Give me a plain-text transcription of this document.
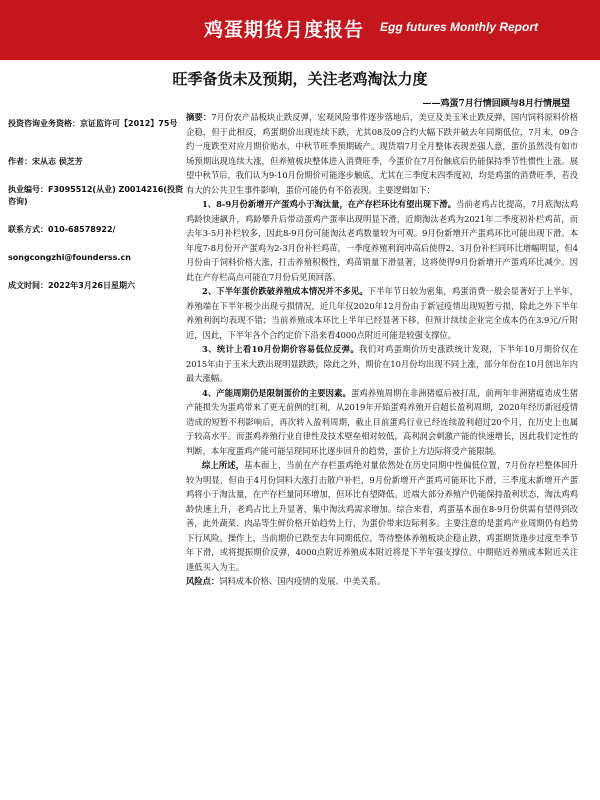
鸡蛋期货月度报告 Egg futures Monthly Report
旺季备货未及预期，关注老鸡淘汰力度
——鸡蛋7月行情回顾与8月行情展望
投资咨询业务资格：京证监许可【2012】75号
作者：宋从志 侯芝芳
执业编号：F3095512(从业) Z0014216(投资咨询)
联系方式：010-68578922/
songcongzhi@founderss.cn
成文时间：2022年3月26日星期六

摘要：7月份农产品板块止跌反弹，宏观风险事件逐步落地后，美豆及美玉米止跌反弹，国内饲料原料价格企稳，但于此相反，鸡蛋期价出现连续下跌，尤其08及09合约大幅下跌并破去年同期低位，7月末，09合约一度跌至对应月期价贴水，中秋节旺季预期破产。现货端7月全月整体表现差强人意，蛋价虽然没有如市场预期出现连续大涨，但养殖板块整体进入消费旺季，今蛋价在7月份触底后仍能保持季节性惯性上涨。展望中秋节后，我们认为9-10月份期价可能逐步触底，尤其在三季度末四季度初，均是鸡蛋的消费旺季，若没有大的公共卫生事件影响，蛋价可能仍有不俗表现。主要逻辑如下：

1、8-9月份新增开产蛋鸡小于淘汰量，在产存栏环比有望出现下滑。当前老鸡占比提高，7月底淘汰鸡鸡龄快速飙升，鸡龄攀升后带动蛋鸡产蛋率出现明显下滑，近期淘汰老鸡为2021年二季度初补栏鸡苗，而去年3-5月补栏较多，因此8-9月份可能淘汰老鸡数量较为可观。9月份新增开产蛋鸡环比可能出现下滑。本年度7-8月份开产蛋鸡为2-3月份补栏鸡苗，一季度养殖利润冲高后使得2、3月份补栏同环比增幅明显，但4月份由于饲料价格大涨，打击养殖积极性，鸡苗销量下滑显著，这将使得9月份新增开产蛋鸡环比减少。因此在产存栏高点可能在7月份后见顶回落。

2、下半年蛋价跌破养殖成本情况并不多见。下半年节日较为密集，鸡蛋消费一般会显著好于上半年，养殖端在下半年极少出现亏损情况，近几年仅2020年12月份由于新冠疫情出现短暂亏损，除此之外下半年养殖利润均表现不错；当前养殖成本环比上半年已经显著下移，但预计续续企业完全成本仍在3.9元/斤附近，因此，下半年各个合约定价下沿来看4000点附近可能是较强支撑位。

3、统计上看10月份期价容易低位反弹。我们对鸡蛋期价历史涨跌统计发现，下半年10月期价仅在2015年由于玉米大跌出现明显跌跌，除此之外，期价在10月份均出现不同上涨，部分年份在10月创出年内最大涨幅。

4、产能周期仍是限制蛋价的主要因素。蛋鸡养殖周期在非洲猪瘟后被打乱，前两年非洲猪瘟造成生猪产能损失为蛋鸡带来了更无前例的红利，从2019年开始蛋鸡养殖开启超长盈利周期，2020年经历新冠疫情造成的短暂不利影响后，再次转入盈利周期，截止目前蛋鸡行业已经连续盈利超过20个月，在历史上也属于较高水平。而蛋鸡养殖行业自律性及技术壁垒相对较低，高利润会刺激产能的快速增长，因此我们定性的判断，本年度蛋鸡产能可能呈现同环比逐步回升的趋势，蛋价上方边际将受产能限制。

综上所述，基本面上，当前在产存栏蛋鸡绝对量依然处在历史同期中性偏低位置，7月份存栏整体回升较为明显，但由于4月份饲料大涨打击散户补栏，9月份新增开产蛋鸡可能环比下滑，三季度末新增开产蛋鸡将小于淘汰量，在产存栏量同环增加，但环比有望降低。近端大部分养殖户仍能保持盈利状态，淘汰鸡鸡龄快速上升，老鸡占比上升显著，集中淘汰鸡需求增加。综合来看，鸡蛋基本面在8-9月份供需有望得到改善，此外蔬菜、肉品等生鲜价格开始趋势上行，为蛋价带来边际利多。主要注意的是蛋鸡产业周期仍有趋势下行风险。操作上，当前期价已跌至去年同期低位，等待整体养殖板块企稳止跌，鸡蛋期货逢步过度至季节年下滑，或将提振期价反弹，4000点附近养殖成本附近将是下半年强支撑位。中期贴近养殖成本附近关注逢低买入为主。

风险点：饲料成本价格、国内疫情的发展、中美关系。
